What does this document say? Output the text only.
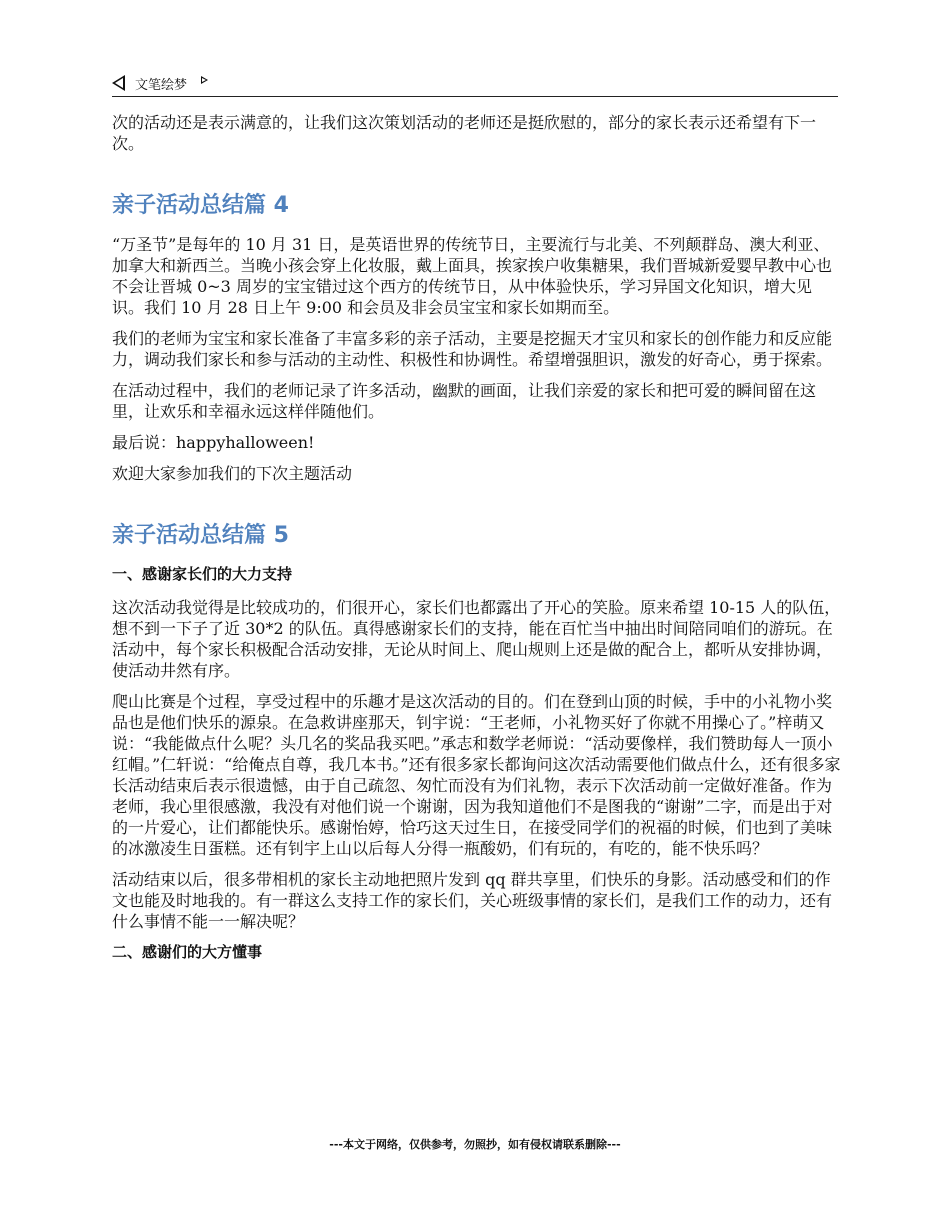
文笔绘梦

次的活动还是表示满意的，让我们这次策划活动的老师还是挺欣慰的，部分的家长表示还希望有下一次。

亲子活动总结篇 4

“万圣节”是每年的 10 月 31 日，是英语世界的传统节日，主要流行与北美、不列颠群岛、澳大利亚、加拿大和新西兰。当晚小孩会穿上化妆服，戴上面具，挨家挨户收集糖果，我们晋城新爱婴早教中心也不会让晋城 0~3 周岁的宝宝错过这个西方的传统节日，从中体验快乐，学习异国文化知识，增大见识。我们 10 月 28 日上午 9:00 和会员及非会员宝宝和家长如期而至。

我们的老师为宝宝和家长准备了丰富多彩的亲子活动，主要是挖掘天才宝贝和家长的创作能力和反应能力，调动我们家长和参与活动的主动性、积极性和协调性。希望增强胆识，激发的好奇心，勇于探索。

在活动过程中，我们的老师记录了许多活动，幽默的画面，让我们亲爱的家长和把可爱的瞬间留在这里，让欢乐和幸福永远这样伴随他们。

最后说：happyhalloween!

欢迎大家参加我们的下次主题活动

亲子活动总结篇 5
一、感谢家长们的大力支持

这次活动我觉得是比较成功的，们很开心，家长们也都露出了开心的笑脸。原来希望 10-15 人的队伍，想不到一下子了近 30*2 的队伍。真得感谢家长们的支持，能在百忙当中抽出时间陪同咱们的游玩。在活动中，每个家长积极配合活动安排，无论从时间上、爬山规则上还是做的配合上，都听从安排协调，使活动井然有序。

爬山比赛是个过程，享受过程中的乐趣才是这次活动的目的。们在登到山顶的时候，手中的小礼物小奖品也是他们快乐的源泉。在急救讲座那天，钊宇说：“王老师，小礼物买好了你就不用操心了。”梓萌又说：“我能做点什么呢？头几名的奖品我买吧。”承志和数学老师说：“活动要像样，我们赞助每人一顶小红帽。”仁轩说：“给俺点自尊，我几本书。”还有很多家长都询问这次活动需要他们做点什么，还有很多家长活动结束后表示很遗憾，由于自己疏忽、匆忙而没有为们礼物，表示下次活动前一定做好准备。作为老师，我心里很感激，我没有对他们说一个谢谢，因为我知道他们不是图我的“谢谢”二字，而是出于对的一片爱心，让们都能快乐。感谢怡婷，恰巧这天过生日，在接受同学们的祝福的时候，们也到了美味的冰激凌生日蛋糕。还有钊宇上山以后每人分得一瓶酸奶，们有玩的，有吃的，能不快乐吗？

活动结束以后，很多带相机的家长主动地把照片发到 qq 群共享里，们快乐的身影。活动感受和们的作文也能及时地我的。有一群这么支持工作的家长们，关心班级事情的家长们，是我们工作的动力，还有什么事情不能一一解决呢？

二、感谢们的大方懂事
---本文于网络，仅供参考，勿照抄，如有侵权请联系删除---
